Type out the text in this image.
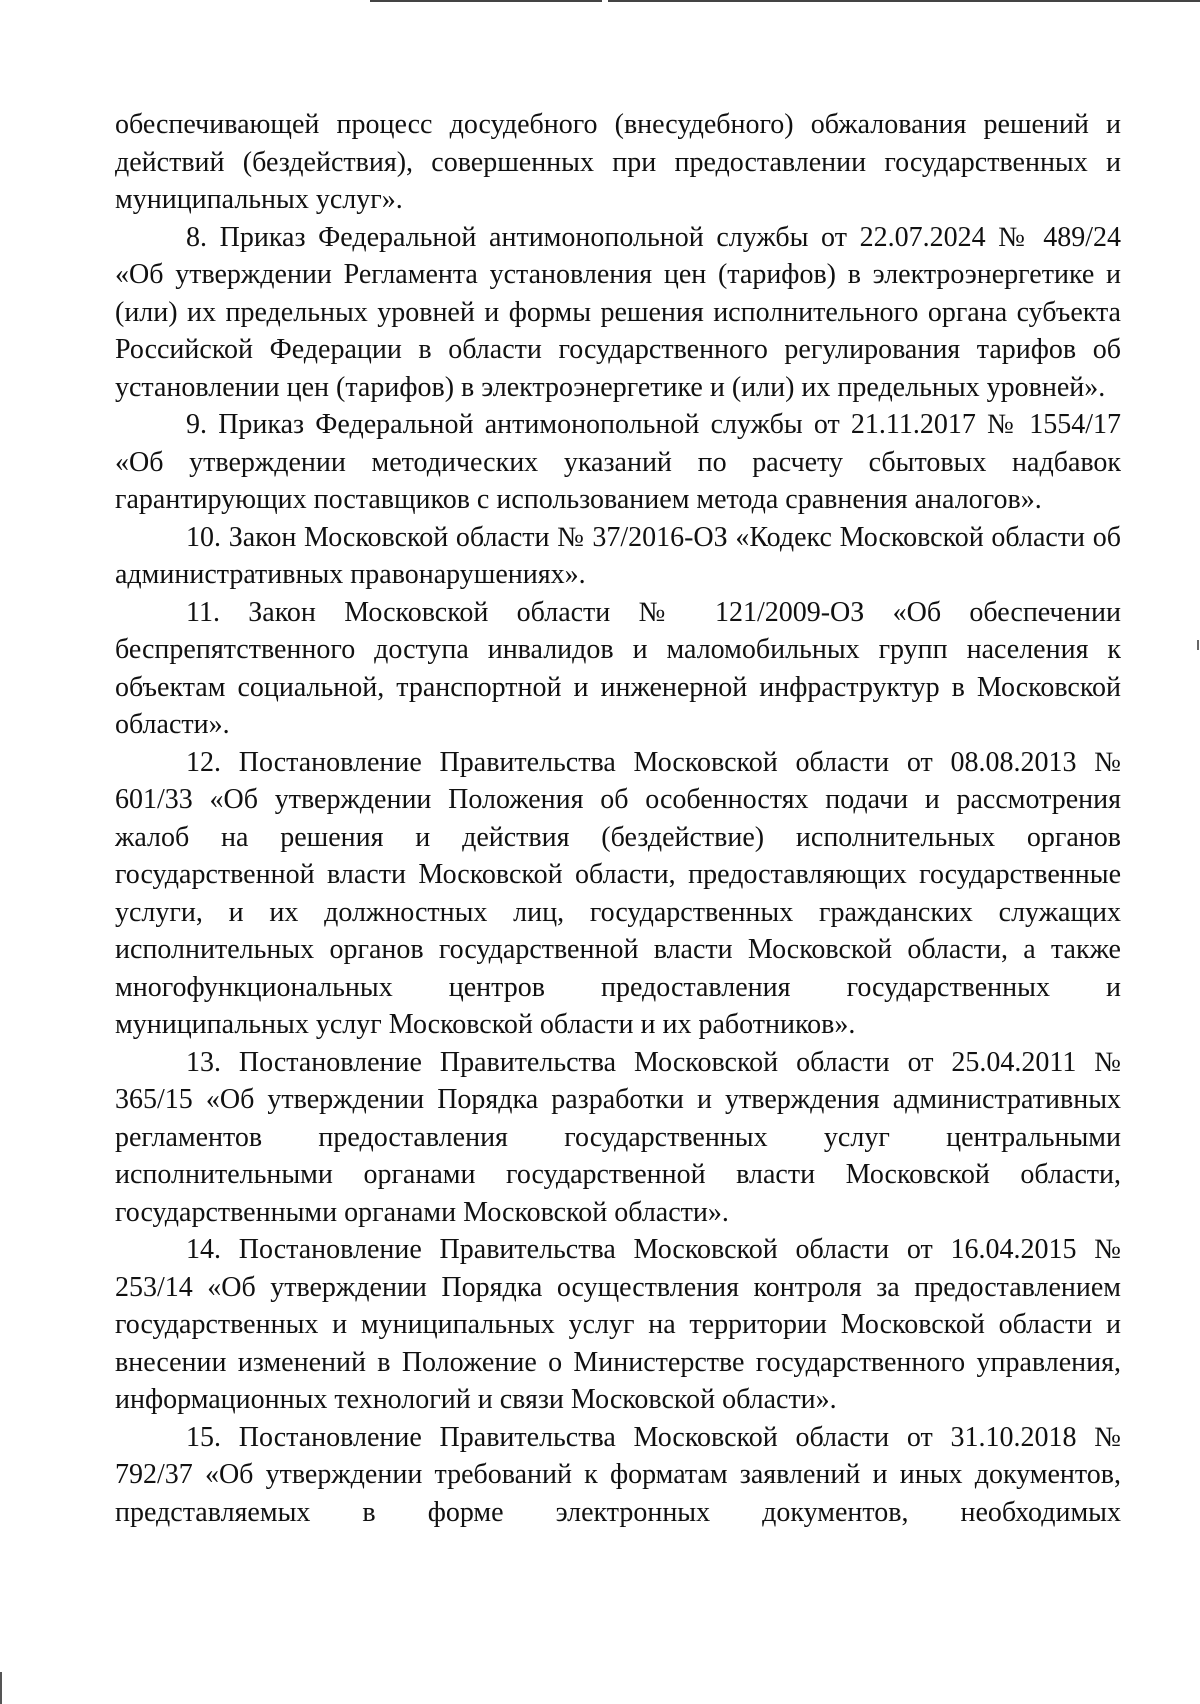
обеспечивающей процесс досудебного (внесудебного) обжалования решений и действий (бездействия), совершенных при предоставлении государственных и муниципальных услуг».

8. Приказ Федеральной антимонопольной службы от 22.07.2024 № 489/24 «Об утверждении Регламента установления цен (тарифов) в электроэнергетике и (или) их предельных уровней и формы решения исполнительного органа субъекта Российской Федерации в области государственного регулирования тарифов об установлении цен (тарифов) в электроэнергетике и (или) их предельных уровней».

9. Приказ Федеральной антимонопольной службы от 21.11.2017 № 1554/17 «Об утверждении методических указаний по расчету сбытовых надбавок гарантирующих поставщиков с использованием метода сравнения аналогов».

10. Закон Московской области № 37/2016-ОЗ «Кодекс Московской области об административных правонарушениях».

11. Закон Московской области № 121/2009-ОЗ «Об обеспечении беспрепятственного доступа инвалидов и маломобильных групп населения к объектам социальной, транспортной и инженерной инфраструктур в Московской области».

12. Постановление Правительства Московской области от 08.08.2013 № 601/33 «Об утверждении Положения об особенностях подачи и рассмотрения жалоб на решения и действия (бездействие) исполнительных органов государственной власти Московской области, предоставляющих государственные услуги, и их должностных лиц, государственных гражданских служащих исполнительных органов государственной власти Московской области, а также многофункциональных центров предоставления государственных и муниципальных услуг Московской области и их работников».

13. Постановление Правительства Московской области от 25.04.2011 № 365/15 «Об утверждении Порядка разработки и утверждения административных регламентов предоставления государственных услуг центральными исполнительными органами государственной власти Московской области, государственными органами Московской области».

14. Постановление Правительства Московской области от 16.04.2015 № 253/14 «Об утверждении Порядка осуществления контроля за предоставлением государственных и муниципальных услуг на территории Московской области и внесении изменений в Положение о Министерстве государственного управления, информационных технологий и связи Московской области».

15. Постановление Правительства Московской области от 31.10.2018 № 792/37 «Об утверждении требований к форматам заявлений и иных документов, представляемых в форме электронных документов, необходимых
